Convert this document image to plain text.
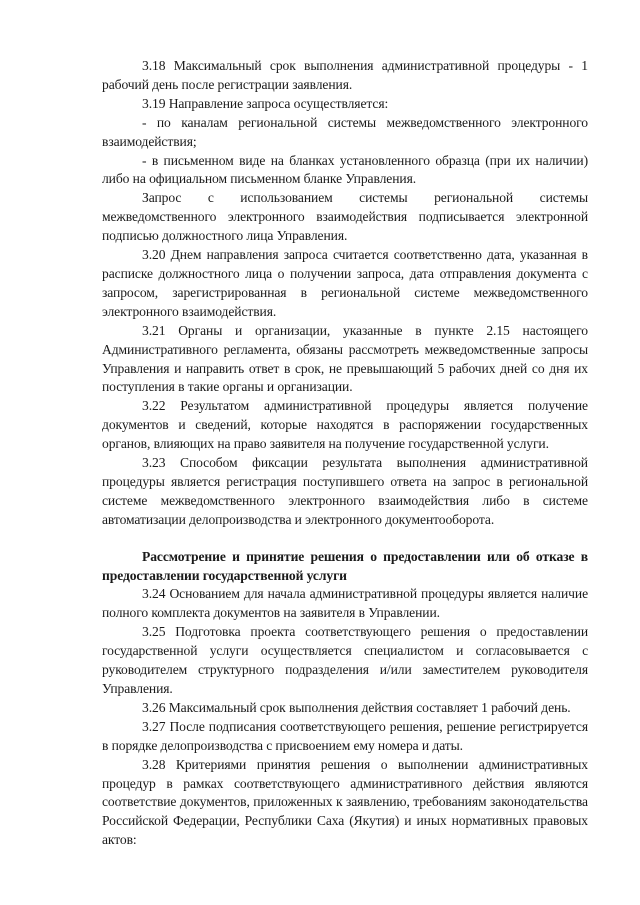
3.18 Максимальный срок выполнения административной процедуры - 1 рабочий день после регистрации заявления.

3.19 Направление запроса осуществляется:

- по каналам региональной системы межведомственного электронного взаимодействия;

- в письменном виде на бланках установленного образца (при их наличии) либо на официальном письменном бланке Управления.

Запрос с использованием системы региональной системы межведомственного электронного взаимодействия подписывается электронной подписью должностного лица Управления.

3.20 Днем направления запроса считается соответственно дата, указанная в расписке должностного лица о получении запроса, дата отправления документа с запросом, зарегистрированная в региональной системе межведомственного электронного взаимодействия.

3.21 Органы и организации, указанные в пункте 2.15 настоящего Административного регламента, обязаны рассмотреть межведомственные запросы Управления и направить ответ в срок, не превышающий 5 рабочих дней со дня их поступления в такие органы и организации.

3.22 Результатом административной процедуры является получение документов и сведений, которые находятся в распоряжении государственных органов, влияющих на право заявителя на получение государственной услуги.

3.23 Способом фиксации результата выполнения административной процедуры является регистрация поступившего ответа на запрос в региональной системе межведомственного электронного взаимодействия либо в системе автоматизации делопроизводства и электронного документооборота.

Рассмотрение и принятие решения о предоставлении или об отказе в предоставлении государственной услуги

3.24 Основанием для начала административной процедуры является наличие полного комплекта документов на заявителя в Управлении.

3.25 Подготовка проекта соответствующего решения о предоставлении государственной услуги осуществляется специалистом и согласовывается с руководителем структурного подразделения и/или заместителем руководителя Управления.

3.26 Максимальный срок выполнения действия составляет 1 рабочий день.

3.27 После подписания соответствующего решения, решение регистрируется в порядке делопроизводства с присвоением ему номера и даты.

3.28 Критериями принятия решения о выполнении административных процедур в рамках соответствующего административного действия являются соответствие документов, приложенных к заявлению, требованиям законодательства Российской Федерации, Республики Саха (Якутия) и иных нормативных правовых актов:
